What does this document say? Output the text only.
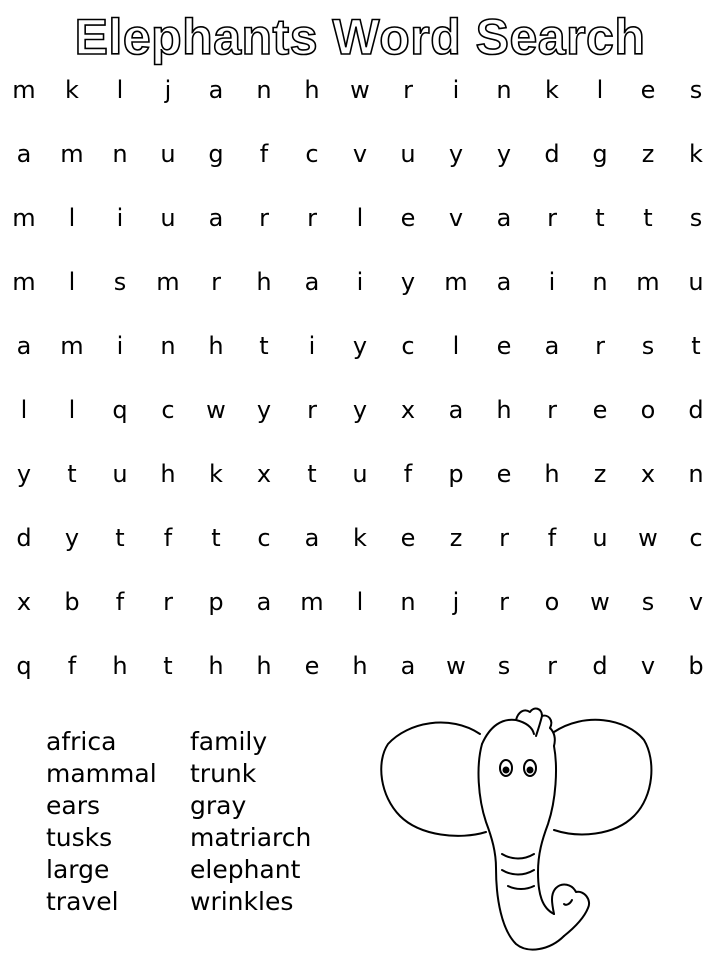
Elephants Word Search
m	k	l	j	a	n	h	w	r	i	n	k	l	e	s
a	m	n	u	g	f	c	v	u	y	y	d	g	z	k
m	l	i	u	a	r	r	l	e	v	a	r	t	t	s
m	l	s	m	r	h	a	i	y	m	a	i	n	m	u
a	m	i	n	h	t	i	y	c	l	e	a	r	s	t
l	l	q	c	w	y	r	y	x	a	h	r	e	o	d
y	t	u	h	k	x	t	u	f	p	e	h	z	x	n
d	y	t	f	t	c	a	k	e	z	r	f	u	w	c
x	b	f	r	p	a	m	l	n	j	r	o	w	s	v
q	f	h	t	h	h	e	h	a	w	s	r	d	v	b
africa
mammal
ears
tusks
large
travel
family
trunk
gray
matriarch
elephant
wrinkles
